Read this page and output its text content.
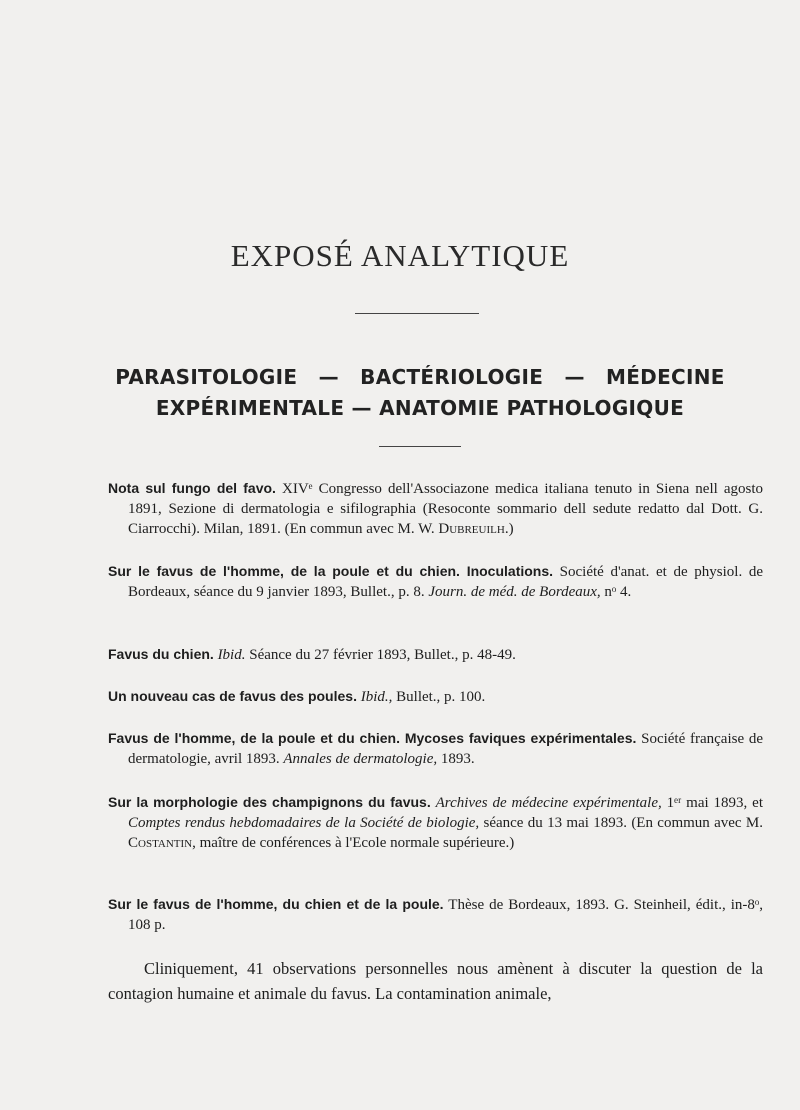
EXPOSÉ ANALYTIQUE
PARASITOLOGIE — BACTÉRIOLOGIE — MÉDECINE
EXPÉRIMENTALE — ANATOMIE PATHOLOGIQUE
Nota sul fungo del favo. XIVᵉ Congresso dell'Associazone medica italiana tenuto in Siena nell agosto 1891, Sezione di dermatologia e sifilographia (Resoconte sommario dell sedute redatto dal Dott. G. Ciarrocchi). Milan, 1891. (En commun avec M. W. Dubreuilh.)
Sur le favus de l'homme, de la poule et du chien. Inoculations. Société d'anat. et de physiol. de Bordeaux, séance du 9 janvier 1893, Bullet., p. 8. Journ. de méd. de Bordeaux, nᵒ 4.
Favus du chien. Ibid. Séance du 27 février 1893, Bullet., p. 48-49.
Un nouveau cas de favus des poules. Ibid., Bullet., p. 100.
Favus de l'homme, de la poule et du chien. Mycoses faviques expérimentales. Société française de dermatologie, avril 1893. Annales de dermatologie, 1893.
Sur la morphologie des champignons du favus. Archives de médecine expérimentale, 1ᵉʳ mai 1893, et Comptes rendus hebdomadaires de la Société de biologie, séance du 13 mai 1893. (En commun avec M. Costantin, maître de conférences à l'Ecole normale supérieure.)
Sur le favus de l'homme, du chien et de la poule. Thèse de Bordeaux, 1893. G. Steinheil, édit., in-8ᵒ, 108 p.
Cliniquement, 41 observations personnelles nous amènent à discuter la question de la contagion humaine et animale du favus. La contamination animale,
